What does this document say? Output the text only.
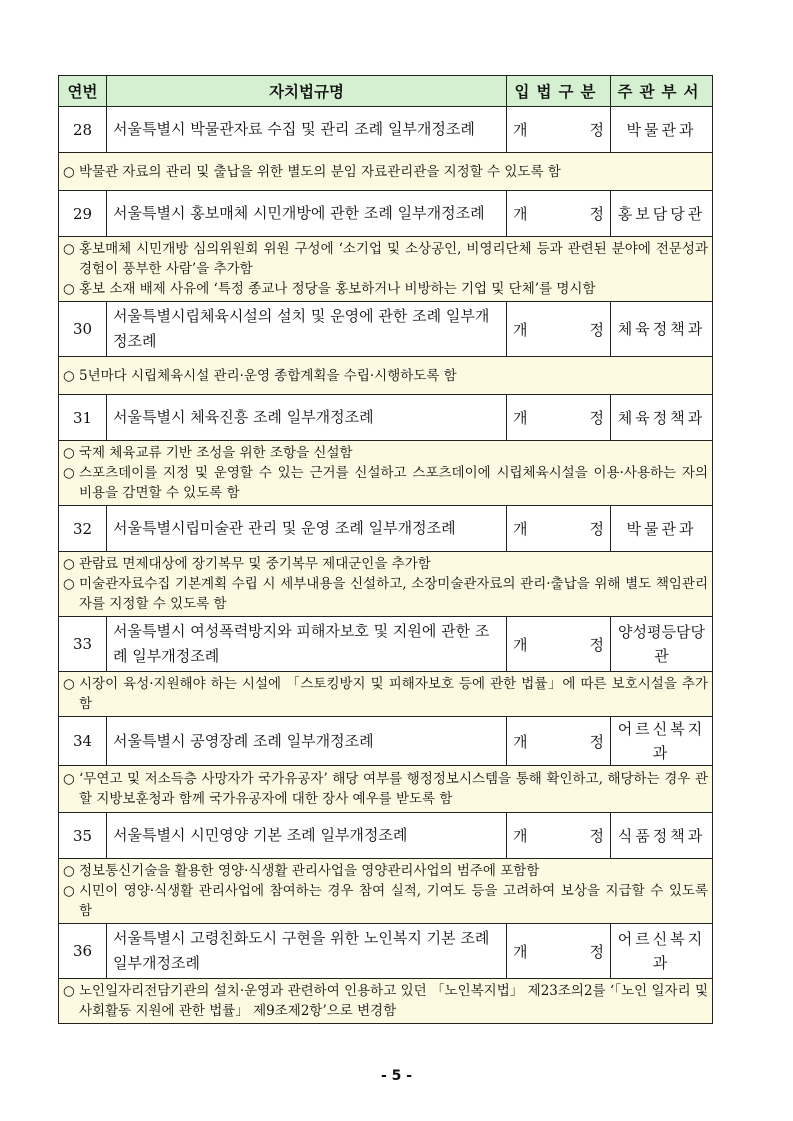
연번	자치법규명	입법구분	주관부서
28	서울특별시 박물관자료 수집 및 관리 조례 일부개정조례	개 정	박물관과

○ 박물관 자료의 관리 및 출납을 위한 별도의 분임 자료관리관을 지정할 수 있도록 함			

29	서울특별시 홍보매체 시민개방에 관한 조례 일부개정조례	개 정	홍보담당관

○ 홍보매체 시민개방 심의위원회 위원 구성에 ‘소기업 및 소상공인, 비영리단체 등과 관련된 분야에 전문성과 경험이 풍부한 사람’을 추가함
○ 홍보 소재 배제 사유에 ‘특정 종교나 정당을 홍보하거나 비방하는 기업 및 단체’를 명시함			

30	서울특별시립체육시설의 설치 및 운영에 관한 조례 일부개정조례	개 정	체육정책과

○ 5년마다 시립체육시설 관리·운영 종합계획을 수립·시행하도록 함			

31	서울특별시 체육진흥 조례 일부개정조례	개 정	체육정책과

○ 국제 체육교류 기반 조성을 위한 조항을 신설함
○ 스포츠데이를 지정 및 운영할 수 있는 근거를 신설하고 스포츠데이에 시립체육시설을 이용·사용하는 자의 비용을 감면할 수 있도록 함			

32	서울특별시립미술관 관리 및 운영 조례 일부개정조례	개 정	박물관과

○ 관람료 면제대상에 장기복무 및 중기복무 제대군인을 추가함
○ 미술관자료수집 기본계획 수립 시 세부내용을 신설하고, 소장미술관자료의 관리·출납을 위해 별도 책임관리자를 지정할 수 있도록 함			

33	서울특별시 여성폭력방지와 피해자보호 및 지원에 관한 조례 일부개정조례	개 정	양성평등담당관

○ 시장이 육성·지원해야 하는 시설에 「스토킹방지 및 피해자보호 등에 관한 법률」에 따른 보호시설을 추가함			

34	서울특별시 공영장례 조례 일부개정조례	개 정	어르신복지과

○ ‘무연고 및 저소득층 사망자가 국가유공자’ 해당 여부를 행정정보시스템을 통해 확인하고, 해당하는 경우 관할 지방보훈청과 함께 국가유공자에 대한 장사 예우를 받도록 함			

35	서울특별시 시민영양 기본 조례 일부개정조례	개 정	식품정책과

○ 정보통신기술을 활용한 영양·식생활 관리사업을 영양관리사업의 범주에 포함함
○ 시민이 영양·식생활 관리사업에 참여하는 경우 참여 실적, 기여도 등을 고려하여 보상을 지급할 수 있도록 함			

36	서울특별시 고령친화도시 구현을 위한 노인복지 기본 조례 일부개정조례	개 정	어르신복지과

○ 노인일자리전담기관의 설치·운영과 관련하여 인용하고 있던 「노인복지법」 제23조의2를 ‘「노인 일자리 및 사회활동 지원에 관한 법률」 제9조제2항’으로 변경함			
- 5 -
